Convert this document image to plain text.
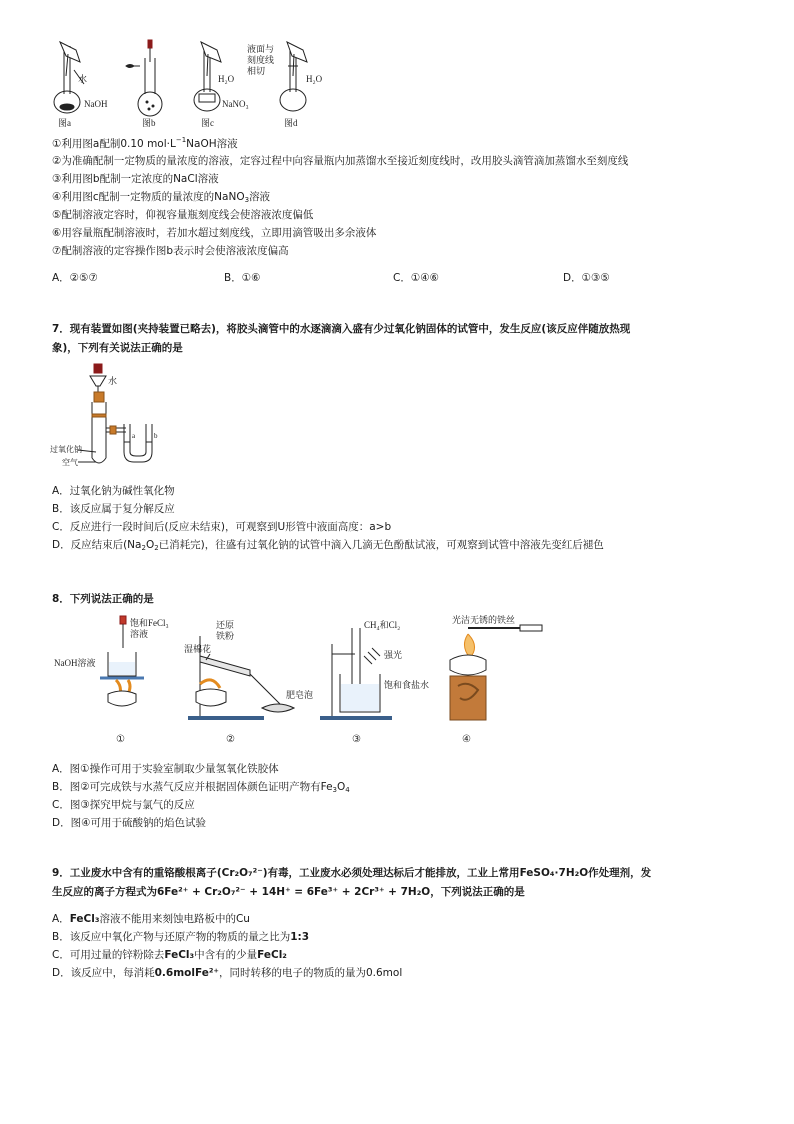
水
NaOH
图a	图b
H₂O
NaNO₃
图c
液面与
刻度线
相切
H₂O
图d
①利用图a配制0.10 $mol\cdot L^{-1}NaOH$溶液
②为准确配制一定物质的量浓度的溶液，定容过程中向容量瓶内加蒸馏水至接近刻度线时，改用胶头滴管滴加蒸馏水至刻度线
③利用图b配制一定浓度的NaCl溶液
④利用图c配制一定物质的量浓度的NaNO$_3$溶液
⑤配制溶液定容时，仰视容量瓶刻度线会使溶液浓度偏低
⑥用容量瓶配制溶液时，若加水超过刻度线，立即用滴管吸出多余液体
⑦配制溶液的定容操作图b表示时会使溶液浓度偏高
A．②⑤⑦	B．①⑥	C．①④⑥	D．①③⑤
7．现有装置如图(夹持装置已略去)，将胶头滴管中的水逐滴滴入盛有少过氧化钠固体的试管中，发生反应(该反应伴随放热现
象)，下列有关说法正确的是
水
过氧化钠
空气
a	b
A．过氧化钠为碱性氧化物
B．该反应属于复分解反应
C．反应进行一段时间后(反应未结束)，可观察到U形管中液面高度：a>b
D．反应结束后($Na_2O_2$已消耗完)，往盛有过氧化钠的试管中滴入几滴无色酚酞试液，可观察到试管中溶液先变红后褪色
8．下列说法正确的是
饱和FeCl₃
溶液
NaOH溶液
①
还原
铁粉
湿棉花
肥皂泡
②
CH₄和Cl₂
强光
饱和食盐水
③
光洁无锈的铁丝
④
A．图①操作可用于实验室制取少量氢氧化铁胶体
B．图②可完成铁与水蒸气反应并根据固体颜色证明产物有$Fe_3O_4$
C．图③探究甲烷与氯气的反应
D．图④可用于硫酸钠的焰色试验
9．工业废水中含有的重铬酸根离子(Cr₂O₇²⁻)有毒，工业废水必须处理达标后才能排放，工业上常用FeSO₄·7H₂O作处理剂，发
生反应的离子方程式为6Fe²⁺ + Cr₂O₇²⁻ + 14H⁺ = 6Fe³⁺ + 2Cr³⁺ + 7H₂O，下列说法正确的是
A．FeCl₃溶液不能用来刻蚀电路板中的Cu
B．该反应中氧化产物与还原产物的物质的量之比为1:3
C．可用过量的锌粉除去FeCl₃中含有的少量FeCl₂
D．该反应中，每消耗0.6molFe²⁺，同时转移的电子的物质的量为0.6mol
